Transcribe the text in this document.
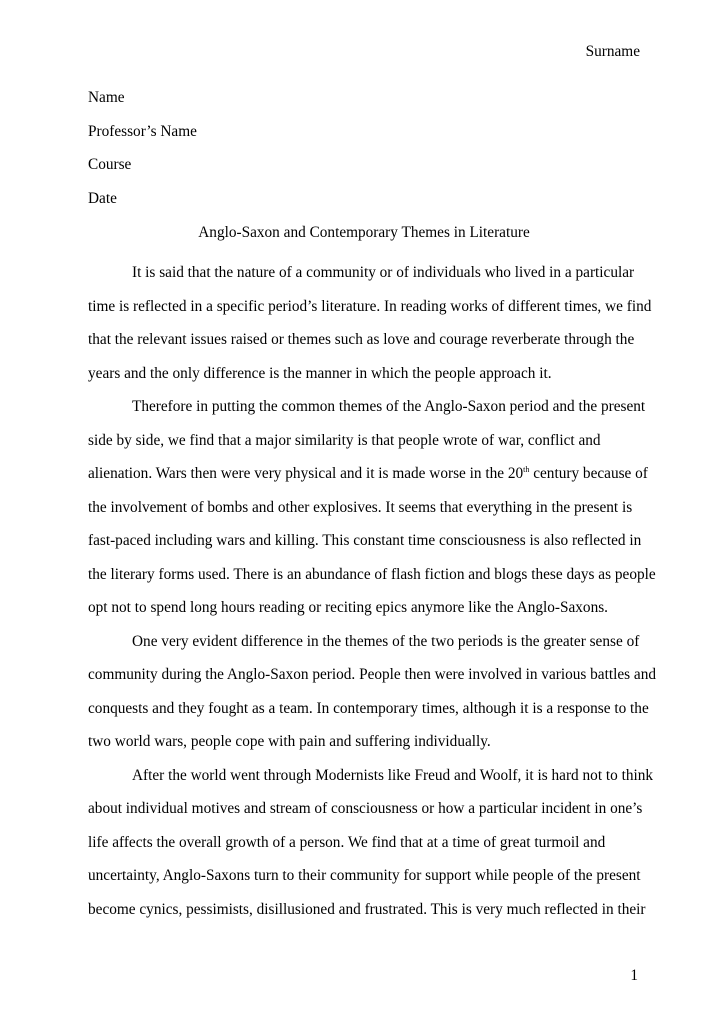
Surname
Name
Professor’s Name
Course
Date
Anglo-Saxon and Contemporary Themes in Literature

It is said that the nature of a community or of individuals who lived in a particular
time is reflected in a specific period’s literature. In reading works of different times, we find
that the relevant issues raised or themes such as love and courage reverberate through the
years and the only difference is the manner in which the people approach it.

Therefore in putting the common themes of the Anglo-Saxon period and the present
side by side, we find that a major similarity is that people wrote of war, conflict and
alienation. Wars then were very physical and it is made worse in the 20th century because of
the involvement of bombs and other explosives. It seems that everything in the present is
fast-paced including wars and killing. This constant time consciousness is also reflected in
the literary forms used. There is an abundance of flash fiction and blogs these days as people
opt not to spend long hours reading or reciting epics anymore like the Anglo-Saxons.

One very evident difference in the themes of the two periods is the greater sense of
community during the Anglo-Saxon period. People then were involved in various battles and
conquests and they fought as a team. In contemporary times, although it is a response to the
two world wars, people cope with pain and suffering individually.

After the world went through Modernists like Freud and Woolf, it is hard not to think
about individual motives and stream of consciousness or how a particular incident in one’s
life affects the overall growth of a person. We find that at a time of great turmoil and
uncertainty, Anglo-Saxons turn to their community for support while people of the present
become cynics, pessimists, disillusioned and frustrated. This is very much reflected in their

1
